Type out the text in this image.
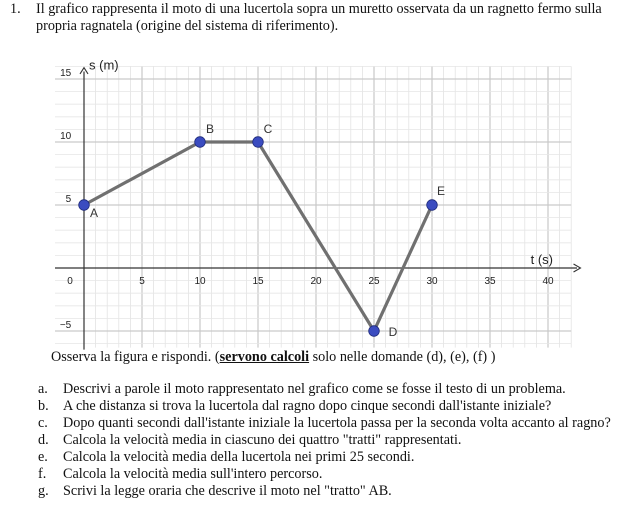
1. Il grafico rappresenta il moto di una lucertola sopra un muretto osservata da un ragnetto fermo sulla propria ragnatela (origine del sistema di riferimento).
s (m)
t (s)
5	10	15	20	25	30	35	40
0
15
10
5
−5
A
B	C
D
E
Osserva la figura e rispondi. (servono calcoli solo nelle domande (d), (e), (f) )
a. Descrivi a parole il moto rappresentato nel grafico come se fosse il testo di un problema.
b. A che distanza si trova la lucertola dal ragno dopo cinque secondi dall'istante iniziale?
c. Dopo quanti secondi dall'istante iniziale la lucertola passa per la seconda volta accanto al ragno?
d. Calcola la velocità media in ciascuno dei quattro "tratti" rappresentati.
e. Calcola la velocità media della lucertola nei primi 25 secondi.
f. Calcola la velocità media sull'intero percorso.
g. Scrivi la legge oraria che descrive il moto nel "tratto" AB.
